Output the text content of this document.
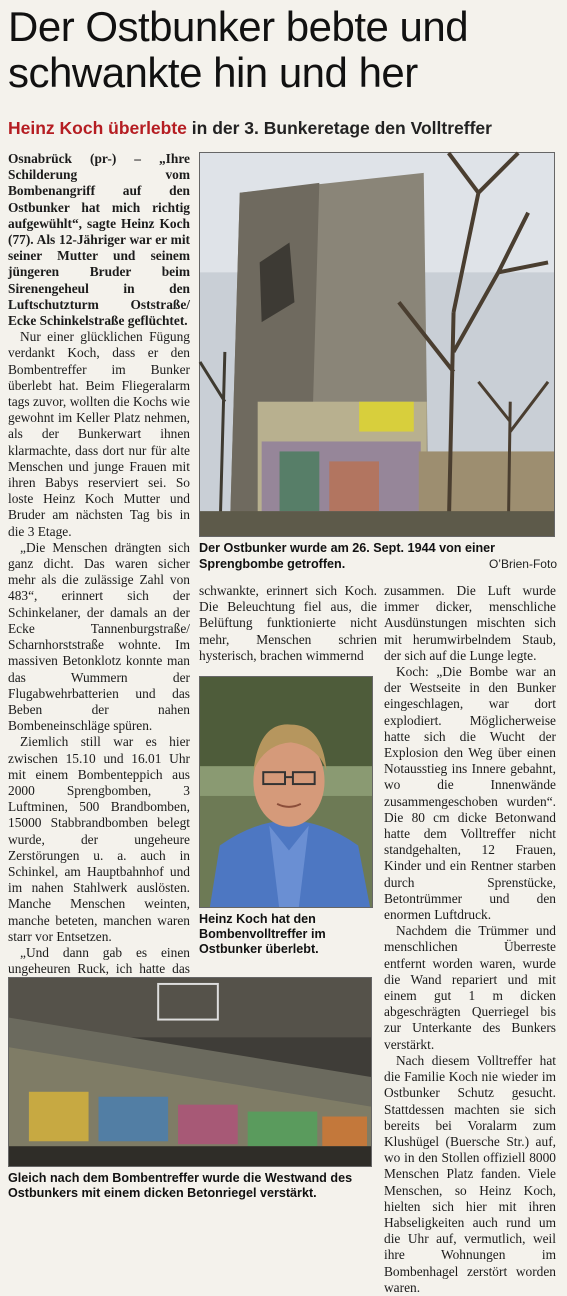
Der Ostbunker bebte und schwankte hin und her
Heinz Koch überlebte in der 3. Bunkeretage den Volltreffer

Osnabrück (pr-) – „Ihre Schilderung vom Bombenangriff auf den Ostbunker hat mich richtig aufgewühlt“, sagte Heinz Koch (77). Als 12-Jähriger war er mit seiner Mutter und seinem jüngeren Bruder beim Sirenengeheul in den Luftschutzturm Oststraße/ Ecke Schinkelstraße geflüchtet.

Nur einer glücklichen Fügung verdankt Koch, dass er den Bombentreffer im Bunker überlebt hat. Beim Fliegeralarm tags zuvor, wollten die Kochs wie gewohnt im Keller Platz nehmen, als der Bunkerwart ihnen klarmachte, dass dort nur für alte Menschen und junge Frauen mit ihren Babys reserviert sei. So loste Heinz Koch Mutter und Bruder am nächsten Tag bis in die 3 Etage.

„Die Menschen drängten sich ganz dicht. Das waren sicher mehr als die zulässige Zahl von 483“, erinnert sich der Schinkelaner, der damals an der Ecke Tannenburgstraße/ Scharnhorststraße wohnte. Im massiven Betonklotz konnte man das Wummern der Flugabwehrbatterien und das Beben der nahen Bombeneinschläge spüren.

Ziemlich still war es hier zwischen 15.10 und 16.01 Uhr mit einem Bombenteppich aus 2000 Sprengbomben, 3 Luftminen, 500 Brandbomben, 15000 Stabbrandbomben belegt wurde, der ungeheure Zerstörungen u. a. auch in Schinkel, am Hauptbahnhof und im nahen Stahlwerk auslösten. Manche Menschen weinten, manche beteten, manchen waren starr vor Entsetzen.

„Und dann gab es einen ungeheuren Ruck, ich hatte das

Der Ostbunker wurde am 26. Sept. 1944 von einer Sprengbombe getroffen.	O’Brien-Foto

schwankte, erinnert sich Koch. Die Beleuchtung fiel aus, die Belüftung funktionierte nicht mehr, Menschen schrien hysterisch, brachen wimmernd

Heinz Koch hat den Bombenvolltreffer im Ostbunker überlebt.

zusammen. Die Luft wurde immer dicker, menschliche Ausdünstungen mischten sich mit herumwirbelndem Staub, der sich auf die Lunge legte.

Koch: „Die Bombe war an der Westseite in den Bunker eingeschlagen, war dort explodiert. Möglicherweise hatte sich die Wucht der Explosion den Weg über einen Notausstieg ins Innere gebahnt, wo die Innenwände zusammengeschoben wurden“. Die 80 cm dicke Betonwand hatte dem Volltreffer nicht standgehalten, 12 Frauen, Kinder und ein Rentner starben durch Sprenstücke, Betontrümmer und den enormen Luftdruck.

Nachdem die Trümmer und menschlichen Überreste entfernt worden waren, wurde die Wand repariert und mit einem gut 1 m dicken abgeschrägten Querriegel bis zur Unterkante des Bunkers verstärkt.

Nach diesem Volltreffer hat die Familie Koch nie wieder im Ostbunker Schutz gesucht. Stattdessen machten sie sich bereits bei Voralarm zum Klushügel (Buersche Str.) auf, wo in den Stollen offiziell 8000 Menschen Platz fanden. Viele Menschen, so Heinz Koch, hielten sich hier mit ihren Habseligkeiten auch rund um die Uhr auf, vermutlich, weil ihre Wohnungen im Bombenhagel zerstört worden waren.

Gleich nach dem Bombentreffer wurde die Westwand des Ostbunkers mit einem dicken Betonriegel verstärkt.
